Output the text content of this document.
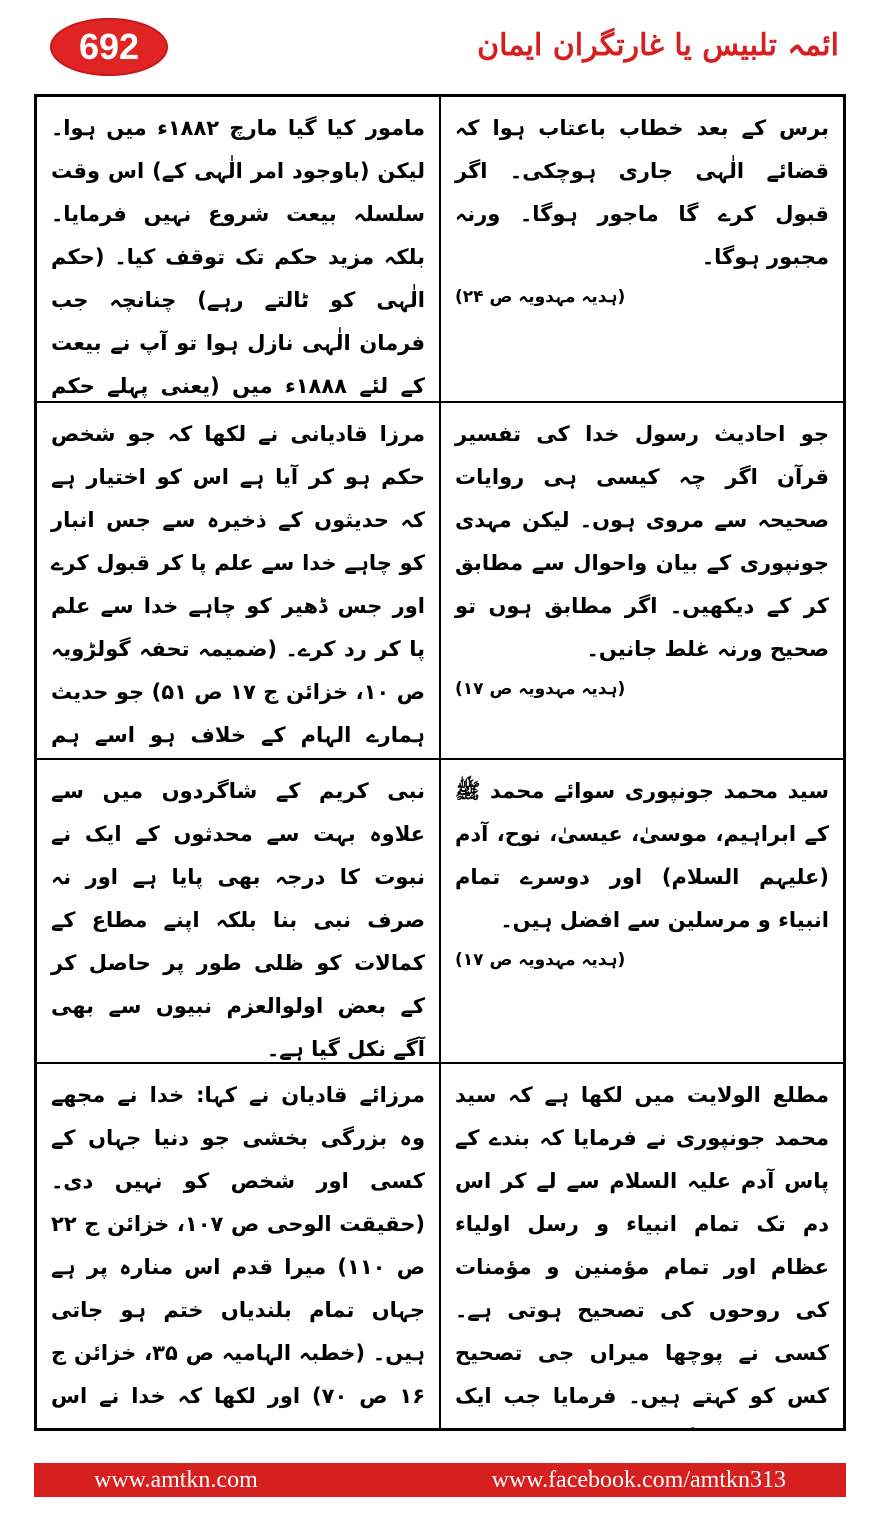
692	ائمہ تلبیس یا غارتگران ایمان
مامور کیا گیا مارچ ۱۸۸۲ء میں ہوا۔ لیکن (باوجود امر الٰہی کے) اس وقت سلسلہ بیعت شروع نہیں فرمایا۔ بلکہ مزید حکم تک توقف کیا۔ (حکم الٰہی کو ٹالتے رہے) چنانچہ جب فرمان الٰہی نازل ہوا تو آپ نے بیعت کے لئے ۱۸۸۸ء میں (یعنی پہلے حکم
برس کے بعد خطاب باعتاب ہوا کہ قضائے الٰہی جاری ہوچکی۔ اگر قبول کرے گا ماجور ہوگا۔ ورنہ مجبور ہوگا۔
(ہدیہ مہدویہ ص ۲۴)
مرزا قادیانی نے لکھا کہ جو شخص حکم ہو کر آیا ہے اس کو اختیار ہے کہ حدیثوں کے ذخیرہ سے جس انبار کو چاہے خدا سے علم پا کر قبول کرے اور جس ڈھیر کو چاہے خدا سے علم پا کر رد کرے۔ (ضمیمہ تحفہ گولڑویہ ص ۱۰، خزائن ج ۱۷ ص ۵۱) جو حدیث ہمارے الہام کے خلاف ہو اسے ہم
جو احادیث رسول خدا کی تفسیر قرآن اگر چہ کیسی ہی روایات صحیحہ سے مروی ہوں۔ لیکن مہدی جونپوری کے بیان واحوال سے مطابق کر کے دیکھیں۔ اگر مطابق ہوں تو صحیح ورنہ غلط جانیں۔
(ہدیہ مہدویہ ص ۱۷)
نبی کریم کے شاگردوں میں سے علاوہ بہت سے محدثوں کے ایک نے نبوت کا درجہ بھی پایا ہے اور نہ صرف نبی بنا بلکہ اپنے مطاع کے کمالات کو ظلی طور پر حاصل کر کے بعض اولوالعزم نبیوں سے بھی آگے نکل گیا ہے۔
سید محمد جونپوری سوائے محمد ﷺ کے ابراہیم، موسیٰ، عیسیٰ، نوح، آدم (علیہم السلام) اور دوسرے تمام انبیاء و مرسلین سے افضل ہیں۔
(ہدیہ مہدویہ ص ۱۷)
مرزائے قادیان نے کہا: خدا نے مجھے وہ بزرگی بخشی جو دنیا جہاں کے کسی اور شخص کو نہیں دی۔ (حقیقت الوحی ص ۱۰۷، خزائن ج ۲۲ ص ۱۱۰) میرا قدم اس منارہ پر ہے جہاں تمام بلندیاں ختم ہو جاتی ہیں۔ (خطبہ الہامیہ ص ۳۵، خزائن ج ۱۶ ص ۷۰) اور لکھا کہ خدا نے اس
مطلع الولایت میں لکھا ہے کہ سید محمد جونپوری نے فرمایا کہ بندے کے پاس آدم علیہ السلام سے لے کر اس دم تک تمام انبیاء و رسل اولیاء عظام اور تمام مؤمنین و مؤمنات کی روحوں کی تصحیح ہوتی ہے۔ کسی نے پوچھا میراں جی تصحیح کس کو کہتے ہیں۔ فرمایا جب ایک
www.amtkn.com	www.facebook.com/amtkn313
